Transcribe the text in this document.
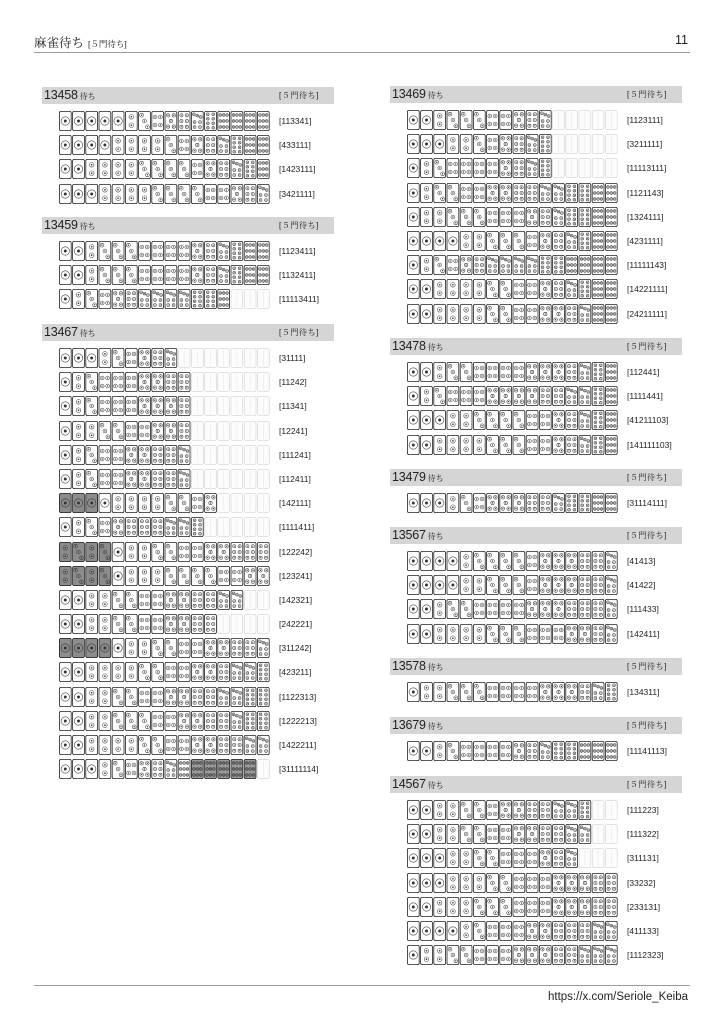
麻雀待ち [５門待ち]	11
13458 待ち	[５門待ち]
[113341]
[433111]
[1423111]
[3421111]
13459 待ち	[５門待ち]
[1123411]
[1132411]
[11113411]
13467 待ち	[５門待ち]
[31111]
[11242]
[11341]
[12241]
[111241]
[112411]
[142111]
[1111411]
[122242]
[123241]
[142321]
[242221]
[311242]
[423211]
[1122313]
[1222213]
[1422211]
[31111114]
13469 待ち	[５門待ち]
[1123111]
[3211111]
[11113111]
[1121143]
[1324111]
[4231111]
[11111143]
[14221111]
[24211111]
13478 待ち	[５門待ち]
[112441]
[1111441]
[41211103]
[141111103]
13479 待ち	[５門待ち]
[31114111]
13567 待ち	[５門待ち]
[41413]
[41422]
[111433]
[142411]
13578 待ち	[５門待ち]
[134311]
13679 待ち	[５門待ち]
[11141113]
14567 待ち	[５門待ち]
[111223]
[111322]
[311131]
[33232]
[233131]
[411133]
[1112323]
https://x.com/Seriole_Keiba
